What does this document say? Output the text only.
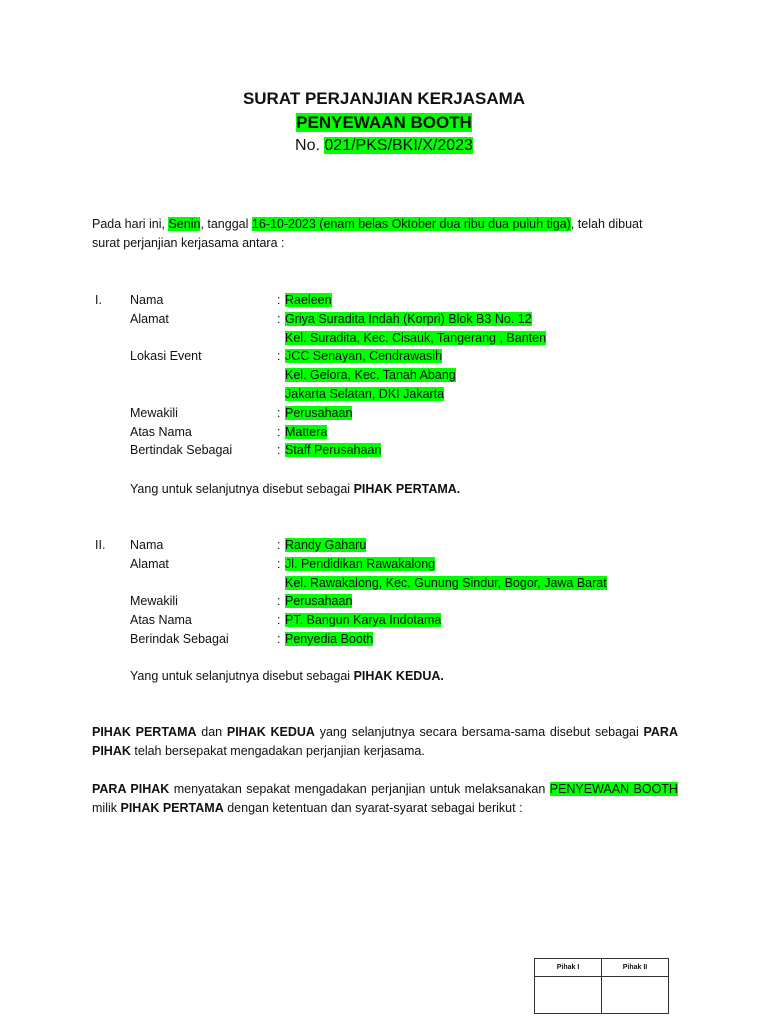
SURAT PERJANJIAN KERJASAMA
PENYEWAAN BOOTH
No. 021/PKS/BKI/X/2023
Pada hari ini, Senin, tanggal 16-10-2023 (enam belas Oktober dua ribu dua puluh tiga), telah dibuat
surat perjanjian kerjasama antara :
I. Nama	: Raeleen
Alamat	: Griya Suradita Indah (Korpri) Blok B3 No. 12
Kel. Suradita, Kec. Cisauk, Tangerang , Banten
Lokasi Event	: JCC Senayan, Cendrawasih
Kel. Gelora, Kec. Tanah Abang
Jakarta Selatan, DKI Jakarta
Mewakili	: Perusahaan
Atas Nama	: Mattera
Bertindak Sebagai	: Staff Perusahaan
Yang untuk selanjutnya disebut sebagai PIHAK PERTAMA.
II. Nama	: Randy Gaharu
Alamat	: Jl. Pendidikan Rawakalong
Kel. Rawakalong, Kec. Gunung Sindur, Bogor, Jawa Barat
Mewakili	: Perusahaan
Atas Nama	: PT. Bangun Karya Indotama
Berindak Sebagai	: Penyedia Booth
Yang untuk selanjutnya disebut sebagai PIHAK KEDUA.
PIHAK PERTAMA dan PIHAK KEDUA yang selanjutnya secara bersama-sama disebut sebagai PARA
PIHAK telah bersepakat mengadakan perjanjian kerjasama.
PARA PIHAK menyatakan sepakat mengadakan perjanjian untuk melaksanakan PENYEWAAN BOOTH
milik PIHAK PERTAMA dengan ketentuan dan syarat-syarat sebagai berikut :
Pihak I	Pihak II
